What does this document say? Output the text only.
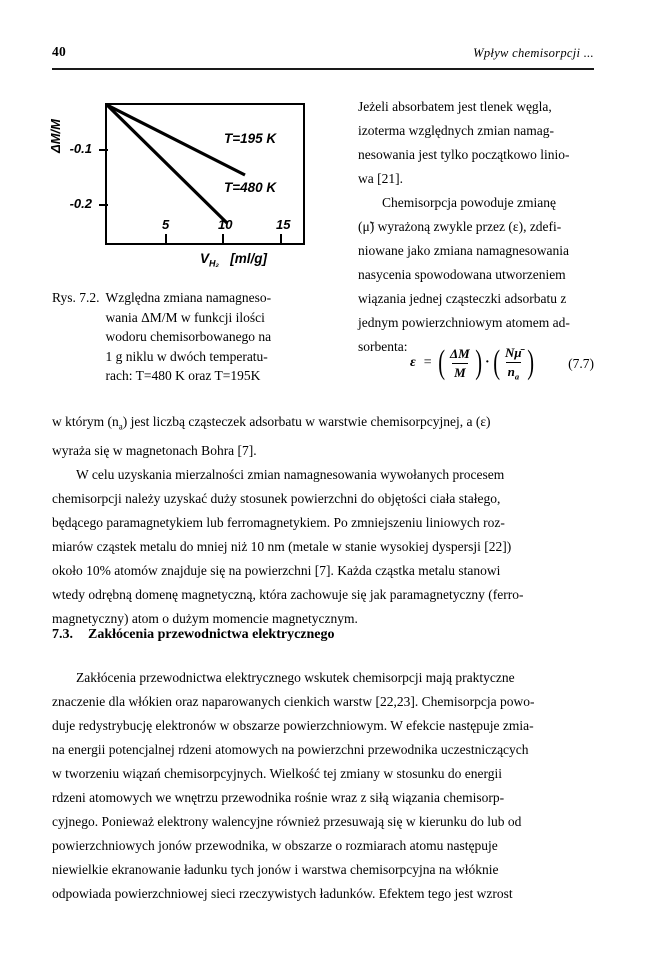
40	Wpływ chemisorpcji ...
ΔM/M -0.1
-0.2
T=195 K
T=480 K
5	10	15
$V_{H_2}$ [ml/g]
Rys. 7.2. Względna zmiana namagneso-
wania ΔM/M w funkcji ilości
wodoru chemisorbowanego na
1 g niklu w dwóch temperatu-
rach: T=480 K oraz T=195K

Jeżeli absorbatem jest tlenek węgla,
izoterma względnych zmian namag-
nesowania jest tylko początkowo linio-
wa [21].

Chemisorpcja powoduje zmianę
(μ̃) wyrażoną zwykle przez (ε), zdefi-
niowane jako zmiana namagnesowania
nasycenia spowodowana utworzeniem
wiązania jednej cząsteczki adsorbatu z
jednym powierzchniowym atomem ad-
sorbenta:

ε = ( $\frac{\Delta M}{M}$ ) · ( $\frac{N\mū}{n_a}$ )	(7.7)

w którym $(n_a)$ jest liczbą cząsteczek adsorbatu w warstwie chemisorpcyjnej, a (ε)
wyraża się w magnetonach Bohra [7].

W celu uzyskania mierzalności zmian namagnesowania wywołanych procesem
chemisorpcji należy uzyskać duży stosunek powierzchni do objętości ciała stałego,
będącego paramagnetykiem lub ferromagnetykiem. Po zmniejszeniu liniowych roz-
miarów cząstek metalu do mniej niż 10 nm (metale w stanie wysokiej dyspersji [22])
około 10% atomów znajduje się na powierzchni [7]. Każda cząstka metalu stanowi
wtedy odrębną domenę magnetyczną, która zachowuje się jak paramagnetyczny (ferro-
magnetyczny) atom o dużym momencie magnetycznym.

7.3. Zakłócenia przewodnictwa elektrycznego

Zakłócenia przewodnictwa elektrycznego wskutek chemisorpcji mają praktyczne
znaczenie dla włókien oraz naparowanych cienkich warstw [22,23]. Chemisorpcja powo-
duje redystrybucję elektronów w obszarze powierzchniowym. W efekcie następuje zmia-
na energii potencjalnej rdzeni atomowych na powierzchni przewodnika uczestniczących
w tworzeniu wiązań chemisorpcyjnych. Wielkość tej zmiany w stosunku do energii
rdzeni atomowych we wnętrzu przewodnika rośnie wraz z siłą wiązania chemisorp-
cyjnego. Ponieważ elektrony walencyjne również przesuwają się w kierunku do lub od
powierzchniowych jonów przewodnika, w obszarze o rozmiarach atomu następuje
niewielkie ekranowanie ładunku tych jonów i warstwa chemisorpcyjna na włóknie
odpowiada powierzchniowej sieci rzeczywistych ładunków. Efektem tego jest wzrost
